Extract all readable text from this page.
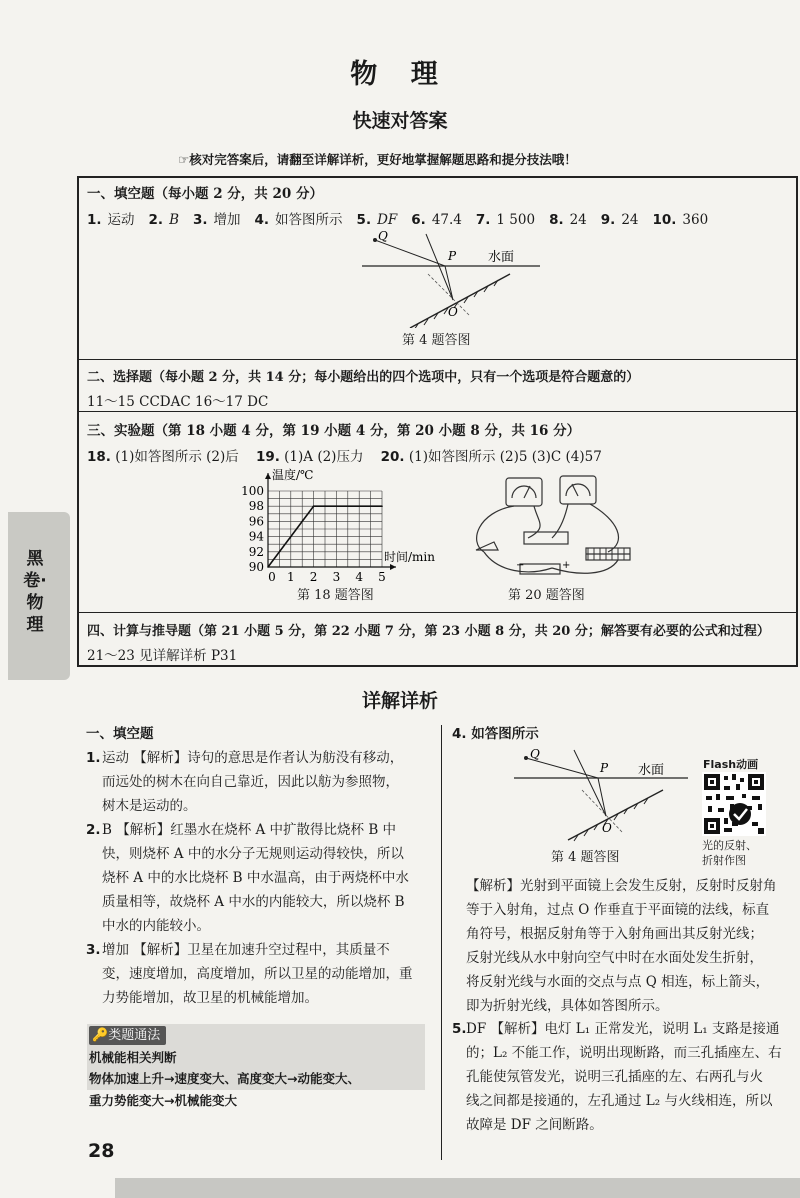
物 理
快速对答案
☞核对完答案后，请翻至详解详析，更好地掌握解题思路和提分技法哦！
黑卷·物理
一、填空题（每小题 2 分，共 20 分）
1. 运动 2. B 3. 增加 4. 如答图所示 5. DF 6. 47.4 7. 1 500 8. 24 9. 24 10. 360
Q
P
O
水面
第 4 题答图
二、选择题（每小题 2 分，共 14 分；每小题给出的四个选项中，只有一个选项是符合题意的）
11～15 CCDAC 16～17 DC
三、实验题（第 18 小题 4 分，第 19 小题 4 分，第 20 小题 8 分，共 16 分）
18. (1)如答图所示 (2)后 19. (1)A (2)压力 20. (1)如答图所示 (2)5 (3)C (4)57
90
92
94
96
98
100
0 1 2 3 4 5
温度/℃
时间/min
第 18 题答图
−	+
第 20 题答图
四、计算与推导题（第 21 小题 5 分，第 22 小题 7 分，第 23 小题 8 分，共 20 分；解答要有必要的公式和过程）
21～23 见详解详析 P31
详解详析
一、填空题
1.运动 【解析】诗句的意思是作者认为舫没有移动，
而远处的树木在向自己靠近，因此以舫为参照物，
树木是运动的。
2.B 【解析】红墨水在烧杯 A 中扩散得比烧杯 B 中
快，则烧杯 A 中的水分子无规则运动得较快，所以
烧杯 A 中的水比烧杯 B 中水温高，由于两烧杯中水
质量相等，故烧杯 A 中水的内能较大，所以烧杯 B
中水的内能较小。
3.增加 【解析】卫星在加速升空过程中，其质量不
变，速度增加，高度增加，所以卫星的动能增加，重
力势能增加，故卫星的机械能增加。
🔑类题通法
机械能相关判断
物体加速上升→速度变大、高度变大→动能变大、
重力势能变大→机械能变大
4. 如答图所示
Q
P
O
水面
第 4 题答图
Flash动画
光的反射、
折射作图
【解析】光射到平面镜上会发生反射，反射时反射角
等于入射角，过点 O 作垂直于平面镜的法线，标直
角符号，根据反射角等于入射角画出其反射光线；
反射光线从水中射向空气中时在水面处发生折射，
将反射光线与水面的交点与点 Q 相连，标上箭头，
即为折射光线，具体如答图所示。
5.DF 【解析】电灯 L₁ 正常发光，说明 L₁ 支路是接通
的；L₂ 不能工作，说明出现断路，而三孔插座左、右
孔能使氖管发光，说明三孔插座的左、右两孔与火
线之间都是接通的，左孔通过 L₂ 与火线相连，所以
故障是 DF 之间断路。
28
